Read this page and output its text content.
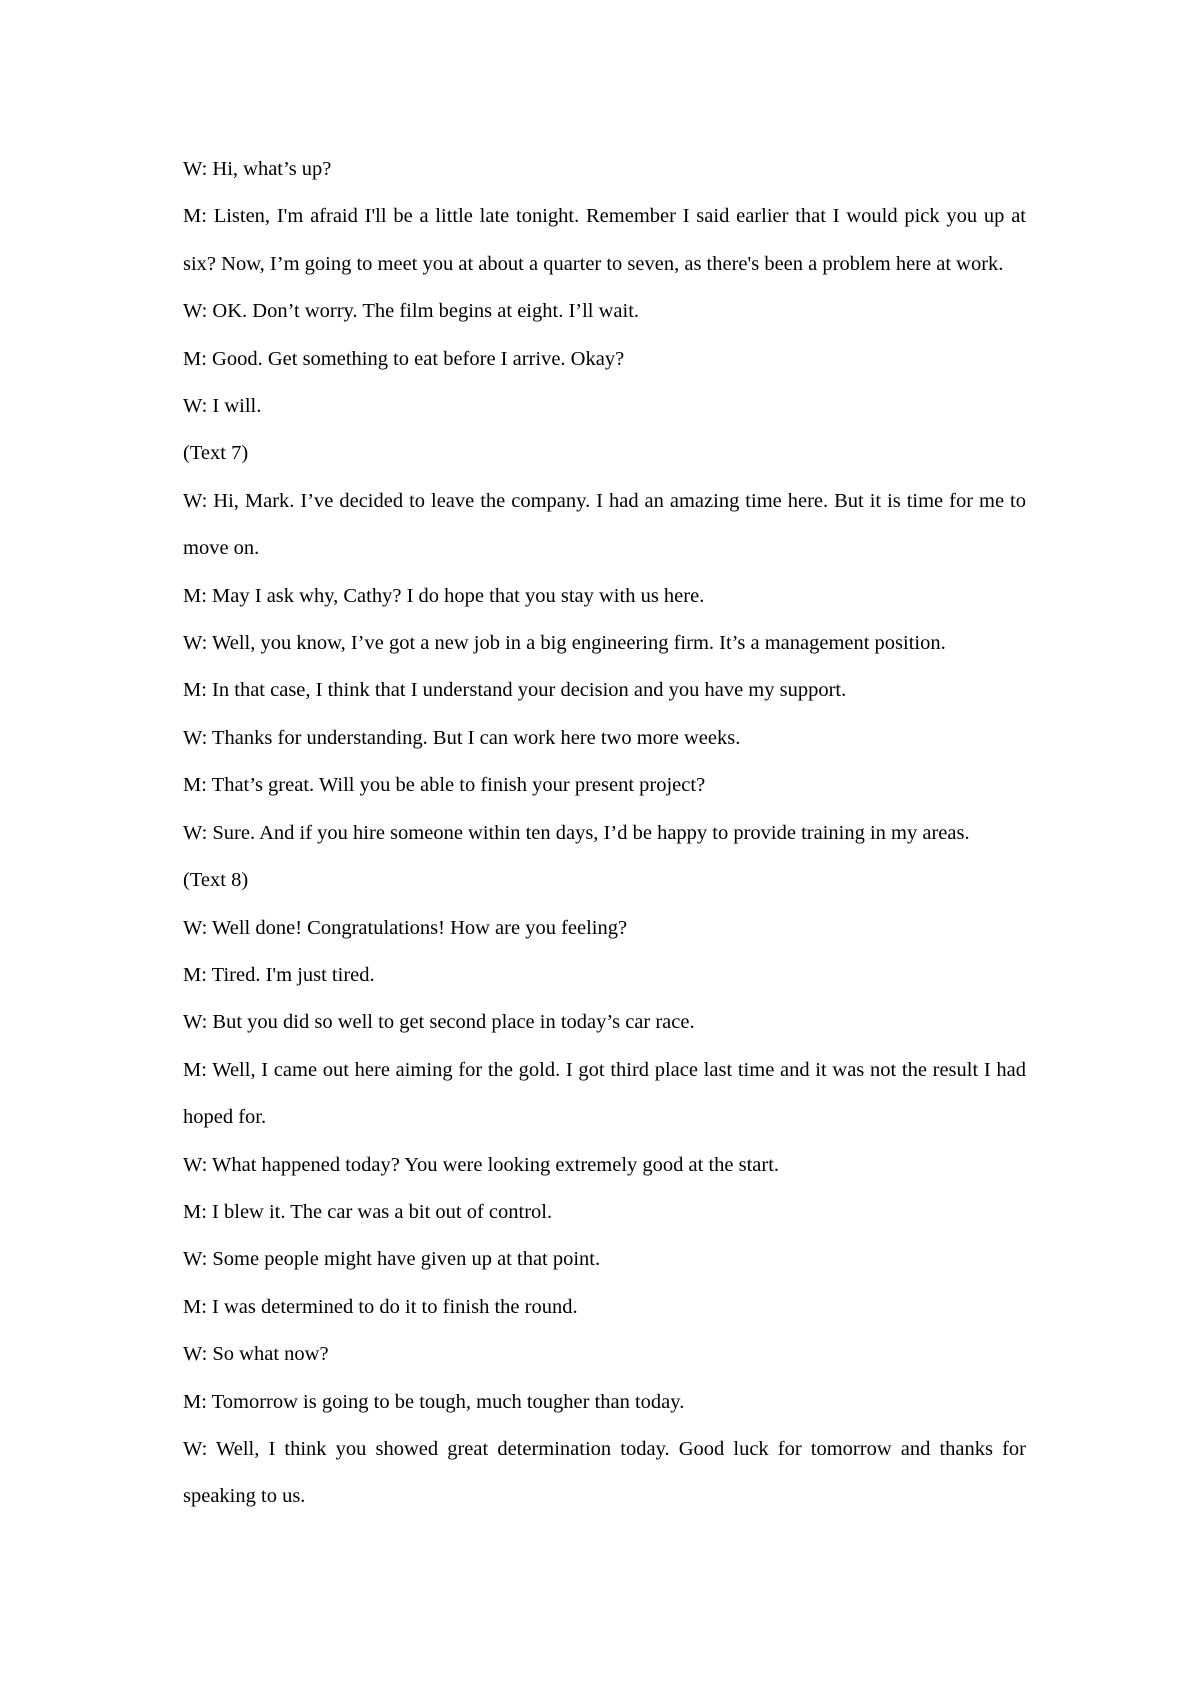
W: Hi, what’s up?

M: Listen, I'm afraid I'll be a little late tonight. Remember I said earlier that I would pick you up at six? Now, I’m going to meet you at about a quarter to seven, as there's been a problem here at work.

W: OK. Don’t worry. The film begins at eight. I’ll wait.

M: Good. Get something to eat before I arrive. Okay?

W: I will.

(Text 7)

W: Hi, Mark. I’ve decided to leave the company. I had an amazing time here. But it is time for me to move on.

M: May I ask why, Cathy? I do hope that you stay with us here.

W: Well, you know, I’ve got a new job in a big engineering firm. It’s a management position.

M: In that case, I think that I understand your decision and you have my support.

W: Thanks for understanding. But I can work here two more weeks.

M: That’s great. Will you be able to finish your present project?

W: Sure. And if you hire someone within ten days, I’d be happy to provide training in my areas.

(Text 8)

W: Well done! Congratulations! How are you feeling?

M: Tired. I'm just tired.

W: But you did so well to get second place in today’s car race.

M: Well, I came out here aiming for the gold. I got third place last time and it was not the result I had hoped for.

W: What happened today? You were looking extremely good at the start.

M: I blew it. The car was a bit out of control.

W: Some people might have given up at that point.

M: I was determined to do it to finish the round.

W: So what now?

M: Tomorrow is going to be tough, much tougher than today.

W: Well, I think you showed great determination today. Good luck for tomorrow and thanks for speaking to us.
